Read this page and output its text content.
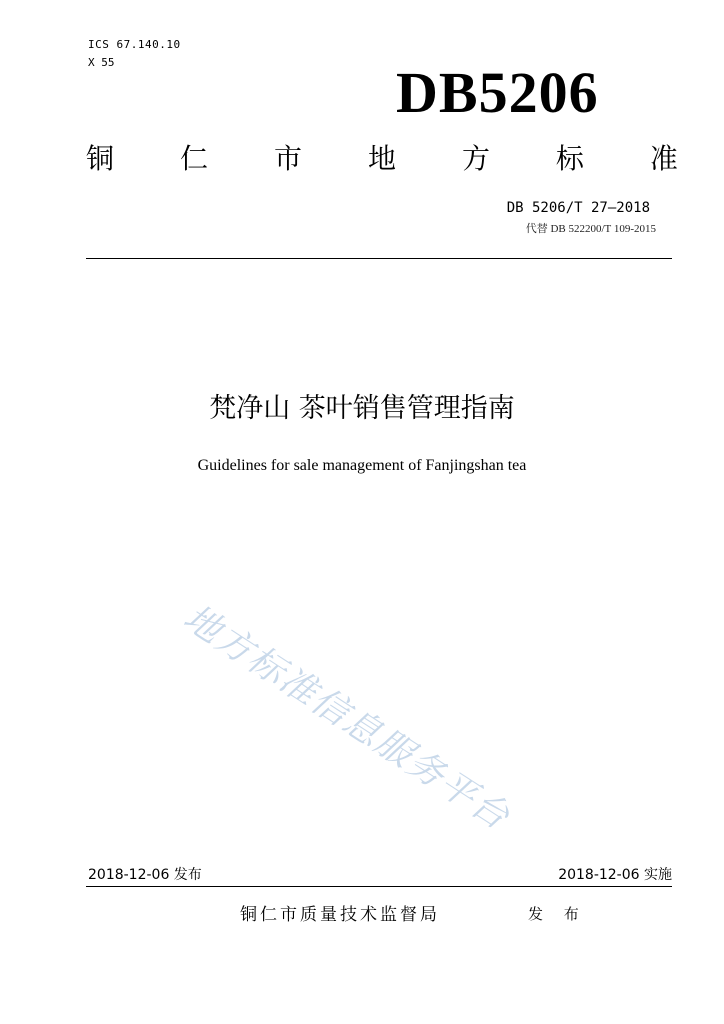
ICS 67.140.10
X 55	DB5206
铜 仁 市 地 方 标 准
DB 5206/T 27—2018
代替 DB 522200/T 109-2015
梵净山 茶叶销售管理指南
Guidelines for sale management of Fanjingshan tea
地方标准信息服务平台
2018-12-06 发布	2018-12-06 实施
铜仁市质量技术监督局	发 布
